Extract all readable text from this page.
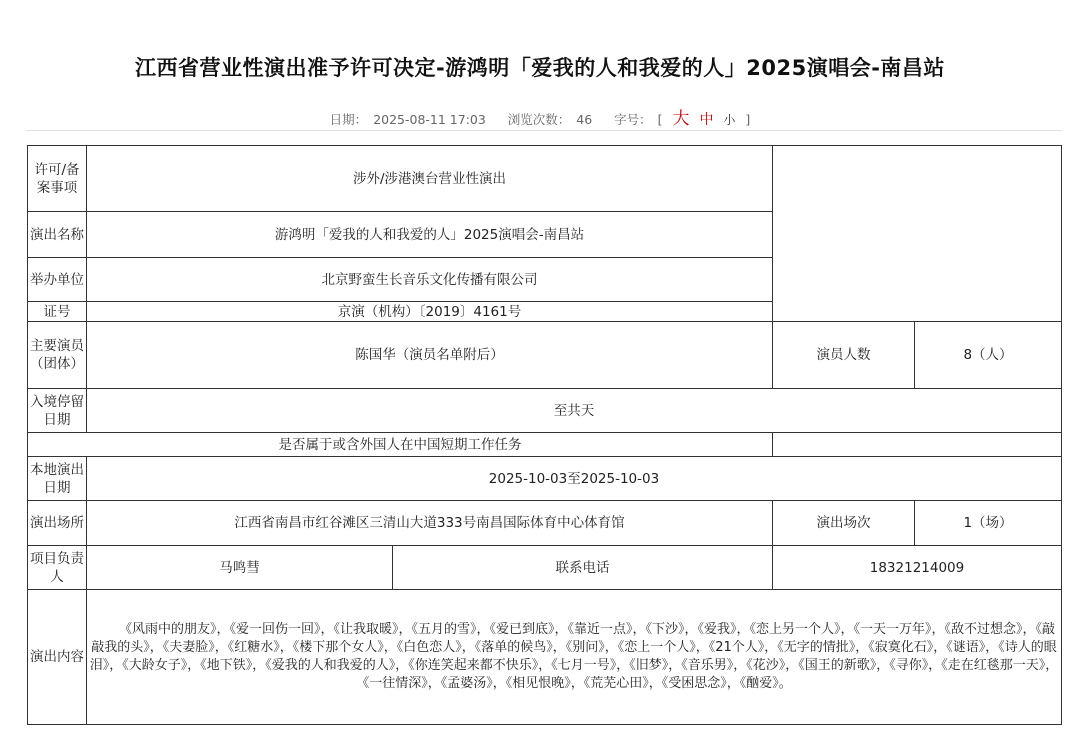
江西省营业性演出准予许可决定-游鸿明「爱我的人和我爱的人」2025演唱会-南昌站
日期： 2025-08-11 17:03 浏览次数： 46 字号： [ 大 中 小 ]
许可/备案事项	涉外/涉港澳台营业性演出			
演出名称	游鸿明「爱我的人和我爱的人」2025演唱会-南昌站			
举办单位	北京野蛮生长音乐文化传播有限公司			
证号	京演（机构）〔2019〕4161号			
主要演员（团体）	陈国华（演员名单附后）		演员人数	8（人）
入境停留日期	至共天			
是否属于或含外国人在中国短期工作任务				
本地演出日期	2025-10-03至2025-10-03			
演出场所	江西省南昌市红谷滩区三清山大道333号南昌国际体育中心体育馆		演出场次	1（场）
项目负责人	马鸣彗	联系电话	18321214009	
演出内容	《风雨中的朋友》，《爱一回伤一回》，《让我取暖》，《五月的雪》，《爱已到底》，《靠近一点》，《下沙》，《爱我》，《恋上另一个人》，《一天一万年》，《敌不过想念》，《敲敲我的头》，《夫妻脸》，《红糖水》，《楼下那个女人》，《白色恋人》，《落单的候鸟》，《别问》，《恋上一个人》，《21个人》，《无字的情批》，《寂寞化石》，《谜语》，《诗人的眼泪》，《大龄女子》，《地下铁》，《爱我的人和我爱的人》，《你连笑起来都不快乐》，《七月一号》，《旧梦》，《音乐男》，《花沙》，《国王的新歌》，《寻你》，《走在红毯那一天》，《一往情深》，《孟婆汤》，《相见恨晚》，《荒芜心田》，《受困思念》，《酗爱》。			
